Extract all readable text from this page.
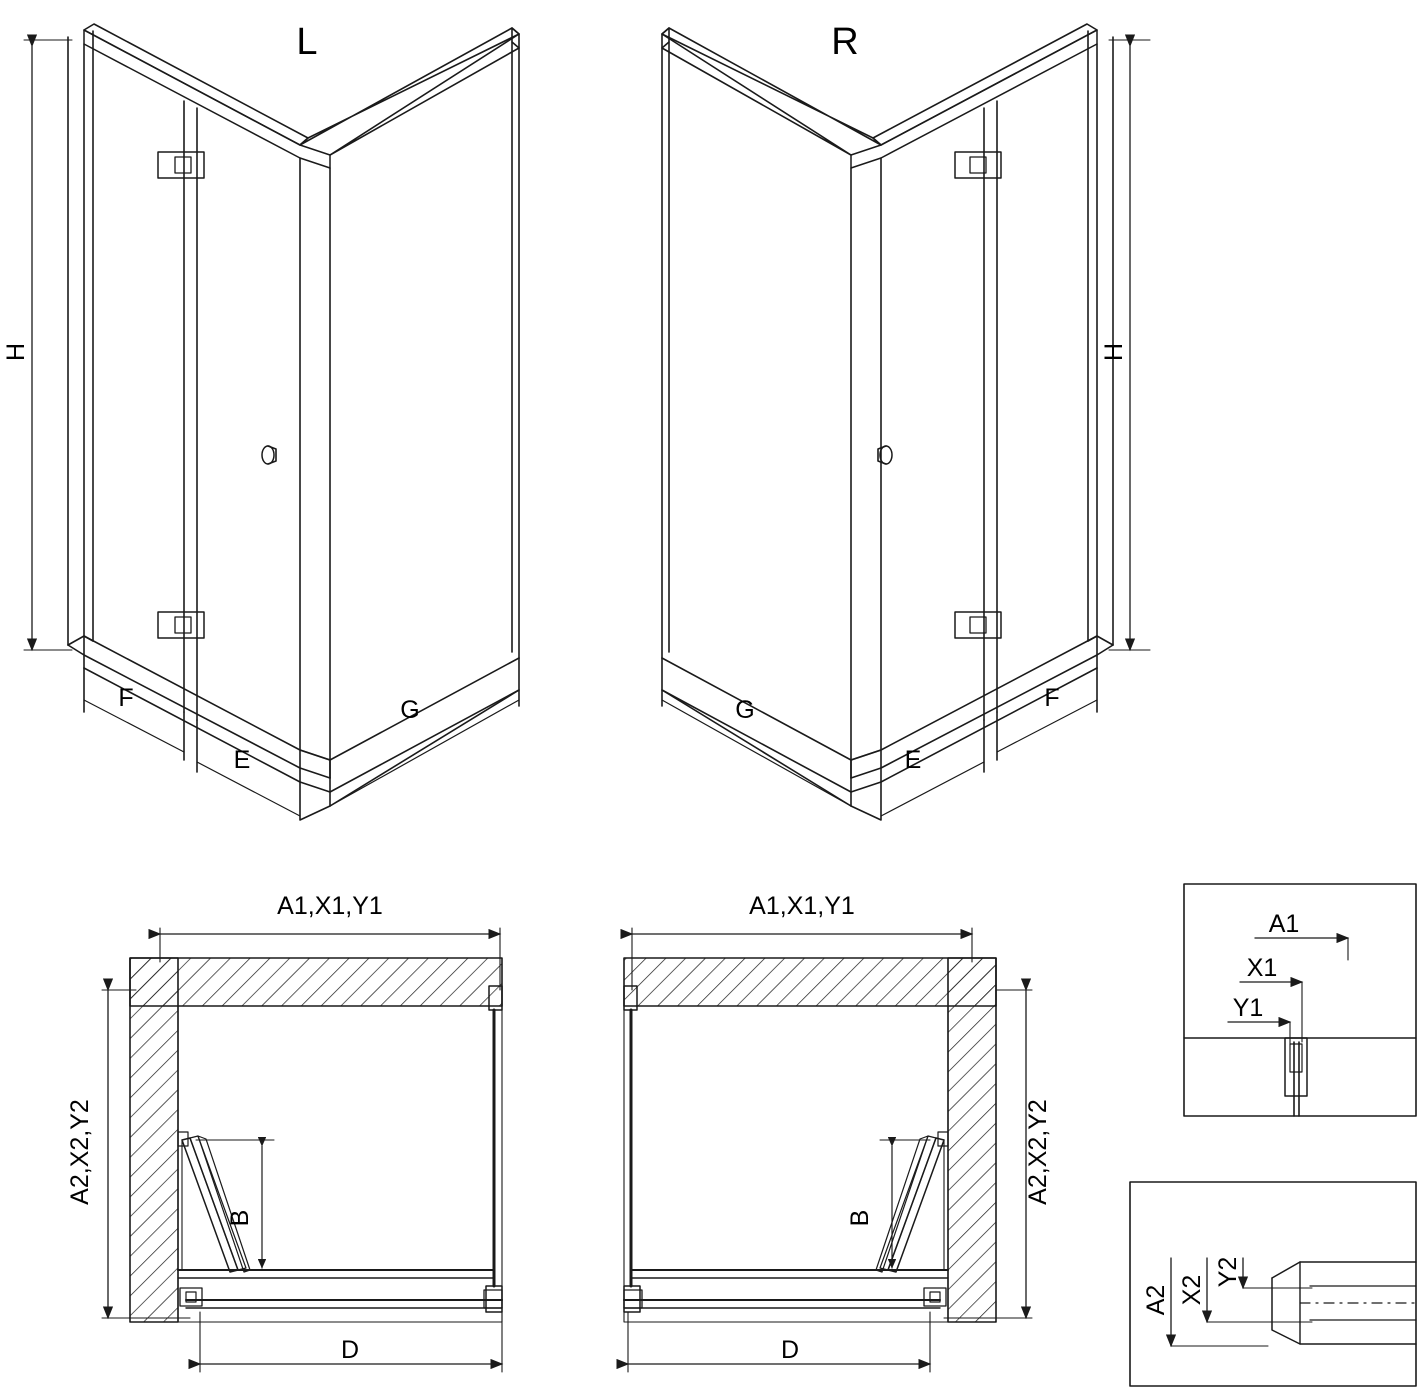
L	R
H	H
F
E
G	G
E
F
A1,X1,Y1
A2,X2,Y2
B
D
A1,X1,Y1
A2,X2,Y2
B
D
A1
X1
Y1
A2 X2
Y2
